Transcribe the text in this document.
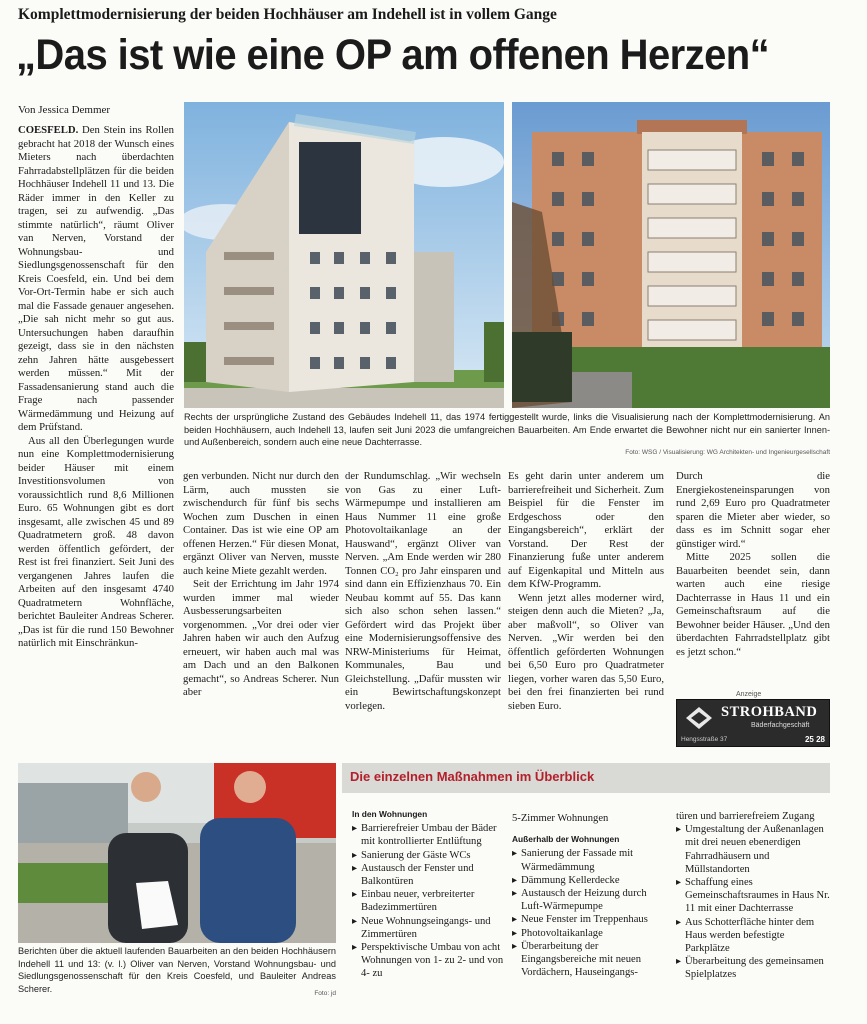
Komplettmodernisierung der beiden Hochhäuser am Indehell ist in vollem Gange
„Das ist wie eine OP am offenen Herzen“
Von Jessica Demmer

COESFELD. Den Stein ins Rollen gebracht hat 2018 der Wunsch eines Mieters nach überdachten Fahrradabstellplätzen für die beiden Hochhäuser Indehell 11 und 13. Die Räder immer in den Keller zu tragen, sei zu aufwendig. „Das stimmte natürlich“, räumt Oliver van Nerven, Vorstand der Wohnungsbau- und Siedlungsgenossenschaft für den Kreis Coesfeld, ein. Und bei dem Vor-Ort-Termin habe er sich auch mal die Fassade genauer angesehen. „Die sah nicht mehr so gut aus. Untersuchungen haben daraufhin gezeigt, dass sie in den nächsten zehn Jahren hätte ausgebessert werden müssen.“ Mit der Fassadensanierung stand auch die Frage nach passender Wärmedämmung und Heizung auf dem Prüfstand.

Aus all den Überlegungen wurde nun eine Komplettmodernisierung beider Häuser mit einem Investitionsvolumen von voraussichtlich rund 8,6 Millionen Euro. 65 Wohnungen gibt es dort insgesamt, alle zwischen 45 und 89 Quadratmetern groß. 48 davon werden öffentlich gefördert, der Rest ist frei finanziert. Seit Juni des vergangenen Jahres laufen die Arbeiten auf den insgesamt 4740 Quadratmetern Wohnfläche, berichtet Bauleiter Andreas Scherer. „Das ist für die rund 150 Bewohner natürlich mit Einschränkun-

Rechts der ursprüngliche Zustand des Gebäudes Indehell 11, das 1974 fertiggestellt wurde, links die Visualisierung nach der Komplettmodernisierung. An beiden Hochhäusern, auch Indehell 13, laufen seit Juni 2023 die umfangreichen Bauarbeiten. Am Ende erwartet die Bewohner nicht nur ein sanierter Innen- und Außenbereich, sondern auch eine neue Dachterrasse.
Foto: WSG / Visualisierung: WG Architekten- und Ingenieurgesellschaft

gen verbunden. Nicht nur durch den Lärm, auch mussten sie zwischendurch für fünf bis sechs Wochen zum Duschen in einen Container. Das ist wie eine OP am offenen Herzen.“ Für diesen Monat, ergänzt Oliver van Nerven, musste auch keine Miete gezahlt werden.

Seit der Errichtung im Jahr 1974 wurden immer mal wieder Ausbesserungsarbeiten vorgenommen. „Vor drei oder vier Jahren haben wir auch den Aufzug erneuert, wir haben auch mal was am Dach und an den Balkonen gemacht“, so Andreas Scherer. Nun aber

der Rundumschlag. „Wir wechseln von Gas zu einer Luft-Wärmepumpe und installieren am Haus Nummer 11 eine große Photovoltaikanlage an der Hauswand“, ergänzt Oliver van Nerven. „Am Ende werden wir 280 Tonnen CO₂ pro Jahr einsparen und sind dann ein Effizienzhaus 70. Ein Neubau kommt auf 55. Das kann sich also schon sehen lassen.“ Gefördert wird das Projekt über eine Modernisierungsoffensive des NRW-Ministeriums für Heimat, Kommunales, Bau und Gleichstellung. „Dafür mussten wir ein Bewirtschaftungskonzept vorlegen.

Es geht darin unter anderem um barrierefreiheit und Sicherheit. Zum Beispiel für die Fenster im Erdgeschoss oder den Eingangsbereich“, erklärt der Vorstand. Der Rest der Finanzierung fuße unter anderem auf Eigenkapital und Mitteln aus dem KfW-Programm.

Wenn jetzt alles moderner wird, steigen denn auch die Mieten? „Ja, aber maßvoll“, so Oliver van Nerven. „Wir werden bei den öffentlich geförderten Wohnungen bei 6,50 Euro pro Quadratmeter liegen, vorher waren das 5,50 Euro, bei den frei finanzierten bei rund sieben Euro.

Durch die Energiekosteneinsparungen von rund 2,69 Euro pro Quadratmeter sparen die Mieter aber wieder, so dass es im Schnitt sogar eher günstiger wird.“

Mitte 2025 sollen die Bauarbeiten beendet sein, dann warten auch eine riesige Dachterrasse in Haus 11 und ein Gemeinschaftsraum auf die Bewohner beider Häuser. „Und den überdachten Fahrradstellplatz gibt es jetzt schon.“

Anzeige
STROHBAND
Bäderfachgeschäft
Hengsstraße 37	25 28
Berichten über die aktuell laufenden Bauarbeiten an den beiden Hochhäusern Indehell 11 und 13: (v. l.) Oliver van Nerven, Vorstand Wohnungsbau- und Siedlungsgenossenschaft für den Kreis Coesfeld, und Bauleiter Andreas Scherer.	Foto: jd
Die einzelnen Maßnahmen im Überblick
In den Wohnungen
▸ Barrierefreier Umbau der Bäder mit kontrollierter Entlüftung
▸ Sanierung der Gäste WCs
▸ Austausch der Fenster und Balkontüren
▸ Einbau neuer, verbreiterter Badezimmertüren
▸ Neue Wohnungseingangs- und Zimmertüren
▸ Perspektivische Umbau von acht Wohnungen von 1- zu 2- und von 4- zu
5-Zimmer Wohnungen
Außerhalb der Wohnungen
▸ Sanierung der Fassade mit Wärmedämmung
▸ Dämmung Kellerdecke
▸ Austausch der Heizung durch Luft-Wärmepumpe
▸ Neue Fenster im Treppenhaus
▸ Photovoltaikanlage
▸ Überarbeitung der Eingangsbereiche mit neuen Vordächern, Hauseingangs-
türen und barrierefreiem Zugang
▸ Umgestaltung der Außenanlagen mit drei neuen ebenerdigen Fahrradhäusern und Müllstandorten
▸ Schaffung eines Gemeinschaftsraumes in Haus Nr. 11 mit einer Dachterrasse
▸ Aus Schotterfläche hinter dem Haus werden befestigte Parkplätze
▸ Überarbeitung des gemeinsamen Spielplatzes
